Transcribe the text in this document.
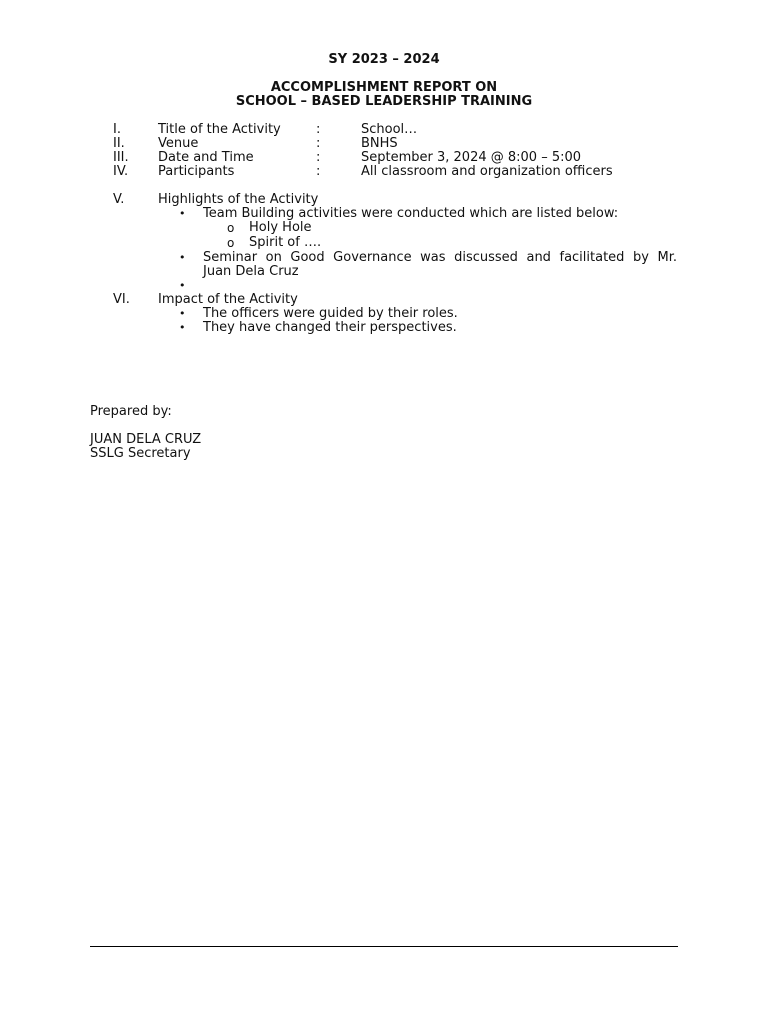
SY 2023 – 2024
ACCOMPLISHMENT REPORT ON
SCHOOL – BASED LEADERSHIP TRAINING
I.	Title of the Activity	:	School…
II.	Venue	:	BNHS
III. Date and Time	:	September 3, 2024 @ 8:00 – 5:00
IV. Participants	:	All classroom and organization officers
V.	Highlights of the Activity
• Team Building activities were conducted which are listed below:
o Holy Hole
o Spirit of ….
• Seminar on Good Governance was discussed and facilitated by Mr.
Juan Dela Cruz
•
VI. Impact of the Activity
• The officers were guided by their roles.
• They have changed their perspectives.
Prepared by:
JUAN DELA CRUZ
SSLG Secretary
